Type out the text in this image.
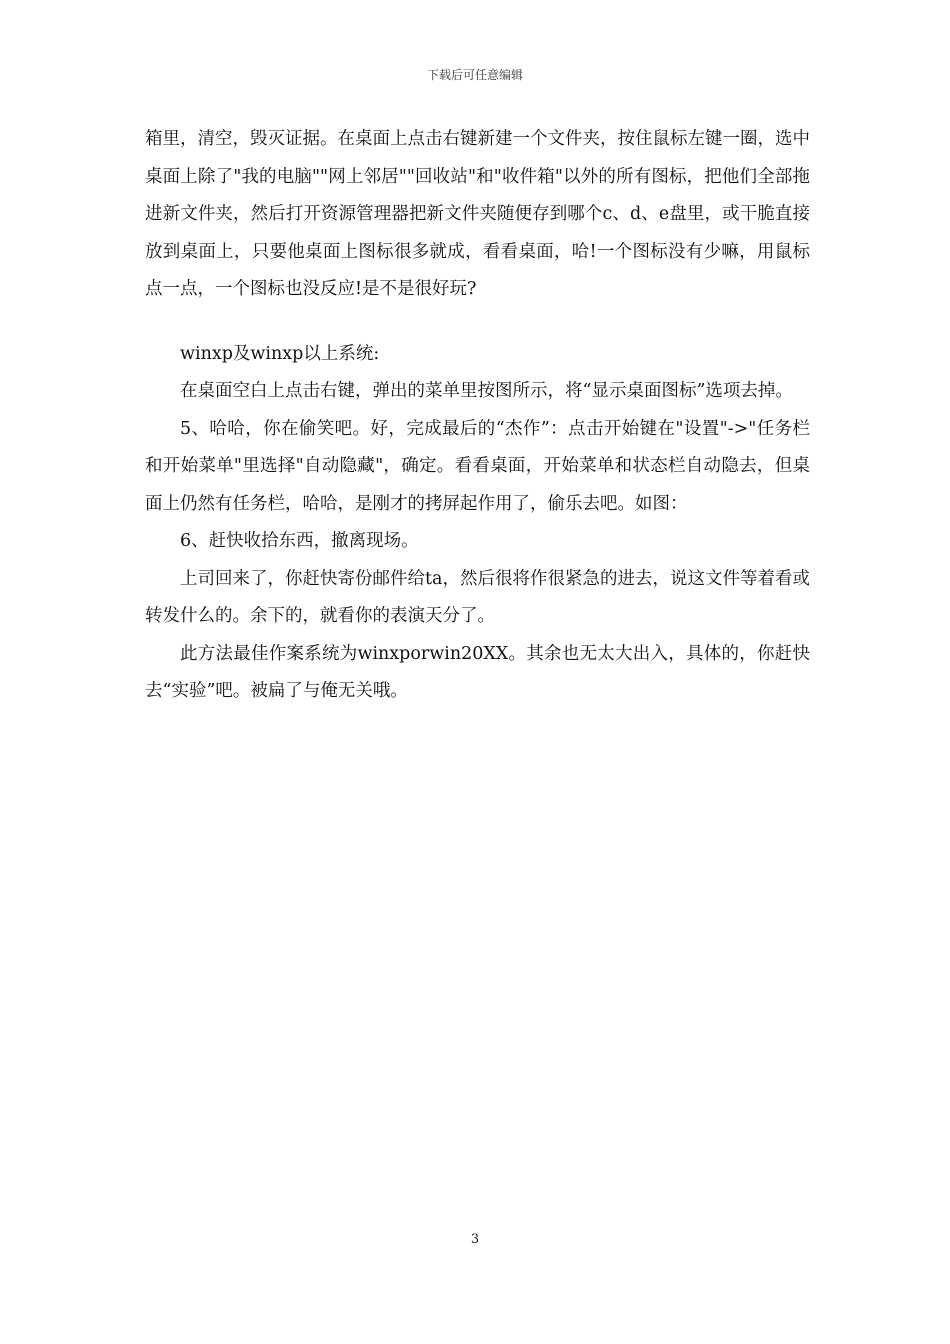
下载后可任意编辑

箱里，清空，毁灭证据。在桌面上点击右键新建一个文件夹，按住鼠标左键一圈，选中桌面上除了"我的电脑""网上邻居""回收站"和"收件箱"以外的所有图标，把他们全部拖进新文件夹，然后打开资源管理器把新文件夹随便存到哪个c、d、e盘里，或干脆直接放到桌面上，只要他桌面上图标很多就成，看看桌面，哈!一个图标没有少嘛，用鼠标点一点，一个图标也没反应!是不是很好玩?

winxp及winxp以上系统:

在桌面空白上点击右键，弹出的菜单里按图所示，将“显示桌面图标”选项去掉。

5、哈哈，你在偷笑吧。好，完成最后的“杰作”：点击开始键在"设置"->"任务栏和开始菜单"里选择"自动隐藏"，确定。看看桌面，开始菜单和状态栏自动隐去，但桌面上仍然有任务栏，哈哈，是刚才的拷屏起作用了，偷乐去吧。如图：

6、赶快收拾东西，撤离现场。

上司回来了，你赶快寄份邮件给ta，然后很将作很紧急的进去，说这文件等着看或转发什么的。余下的，就看你的表演天分了。

此方法最佳作案系统为winxporwin20XX。其余也无太大出入，具体的，你赶快去“实验”吧。被扁了与俺无关哦。

3
